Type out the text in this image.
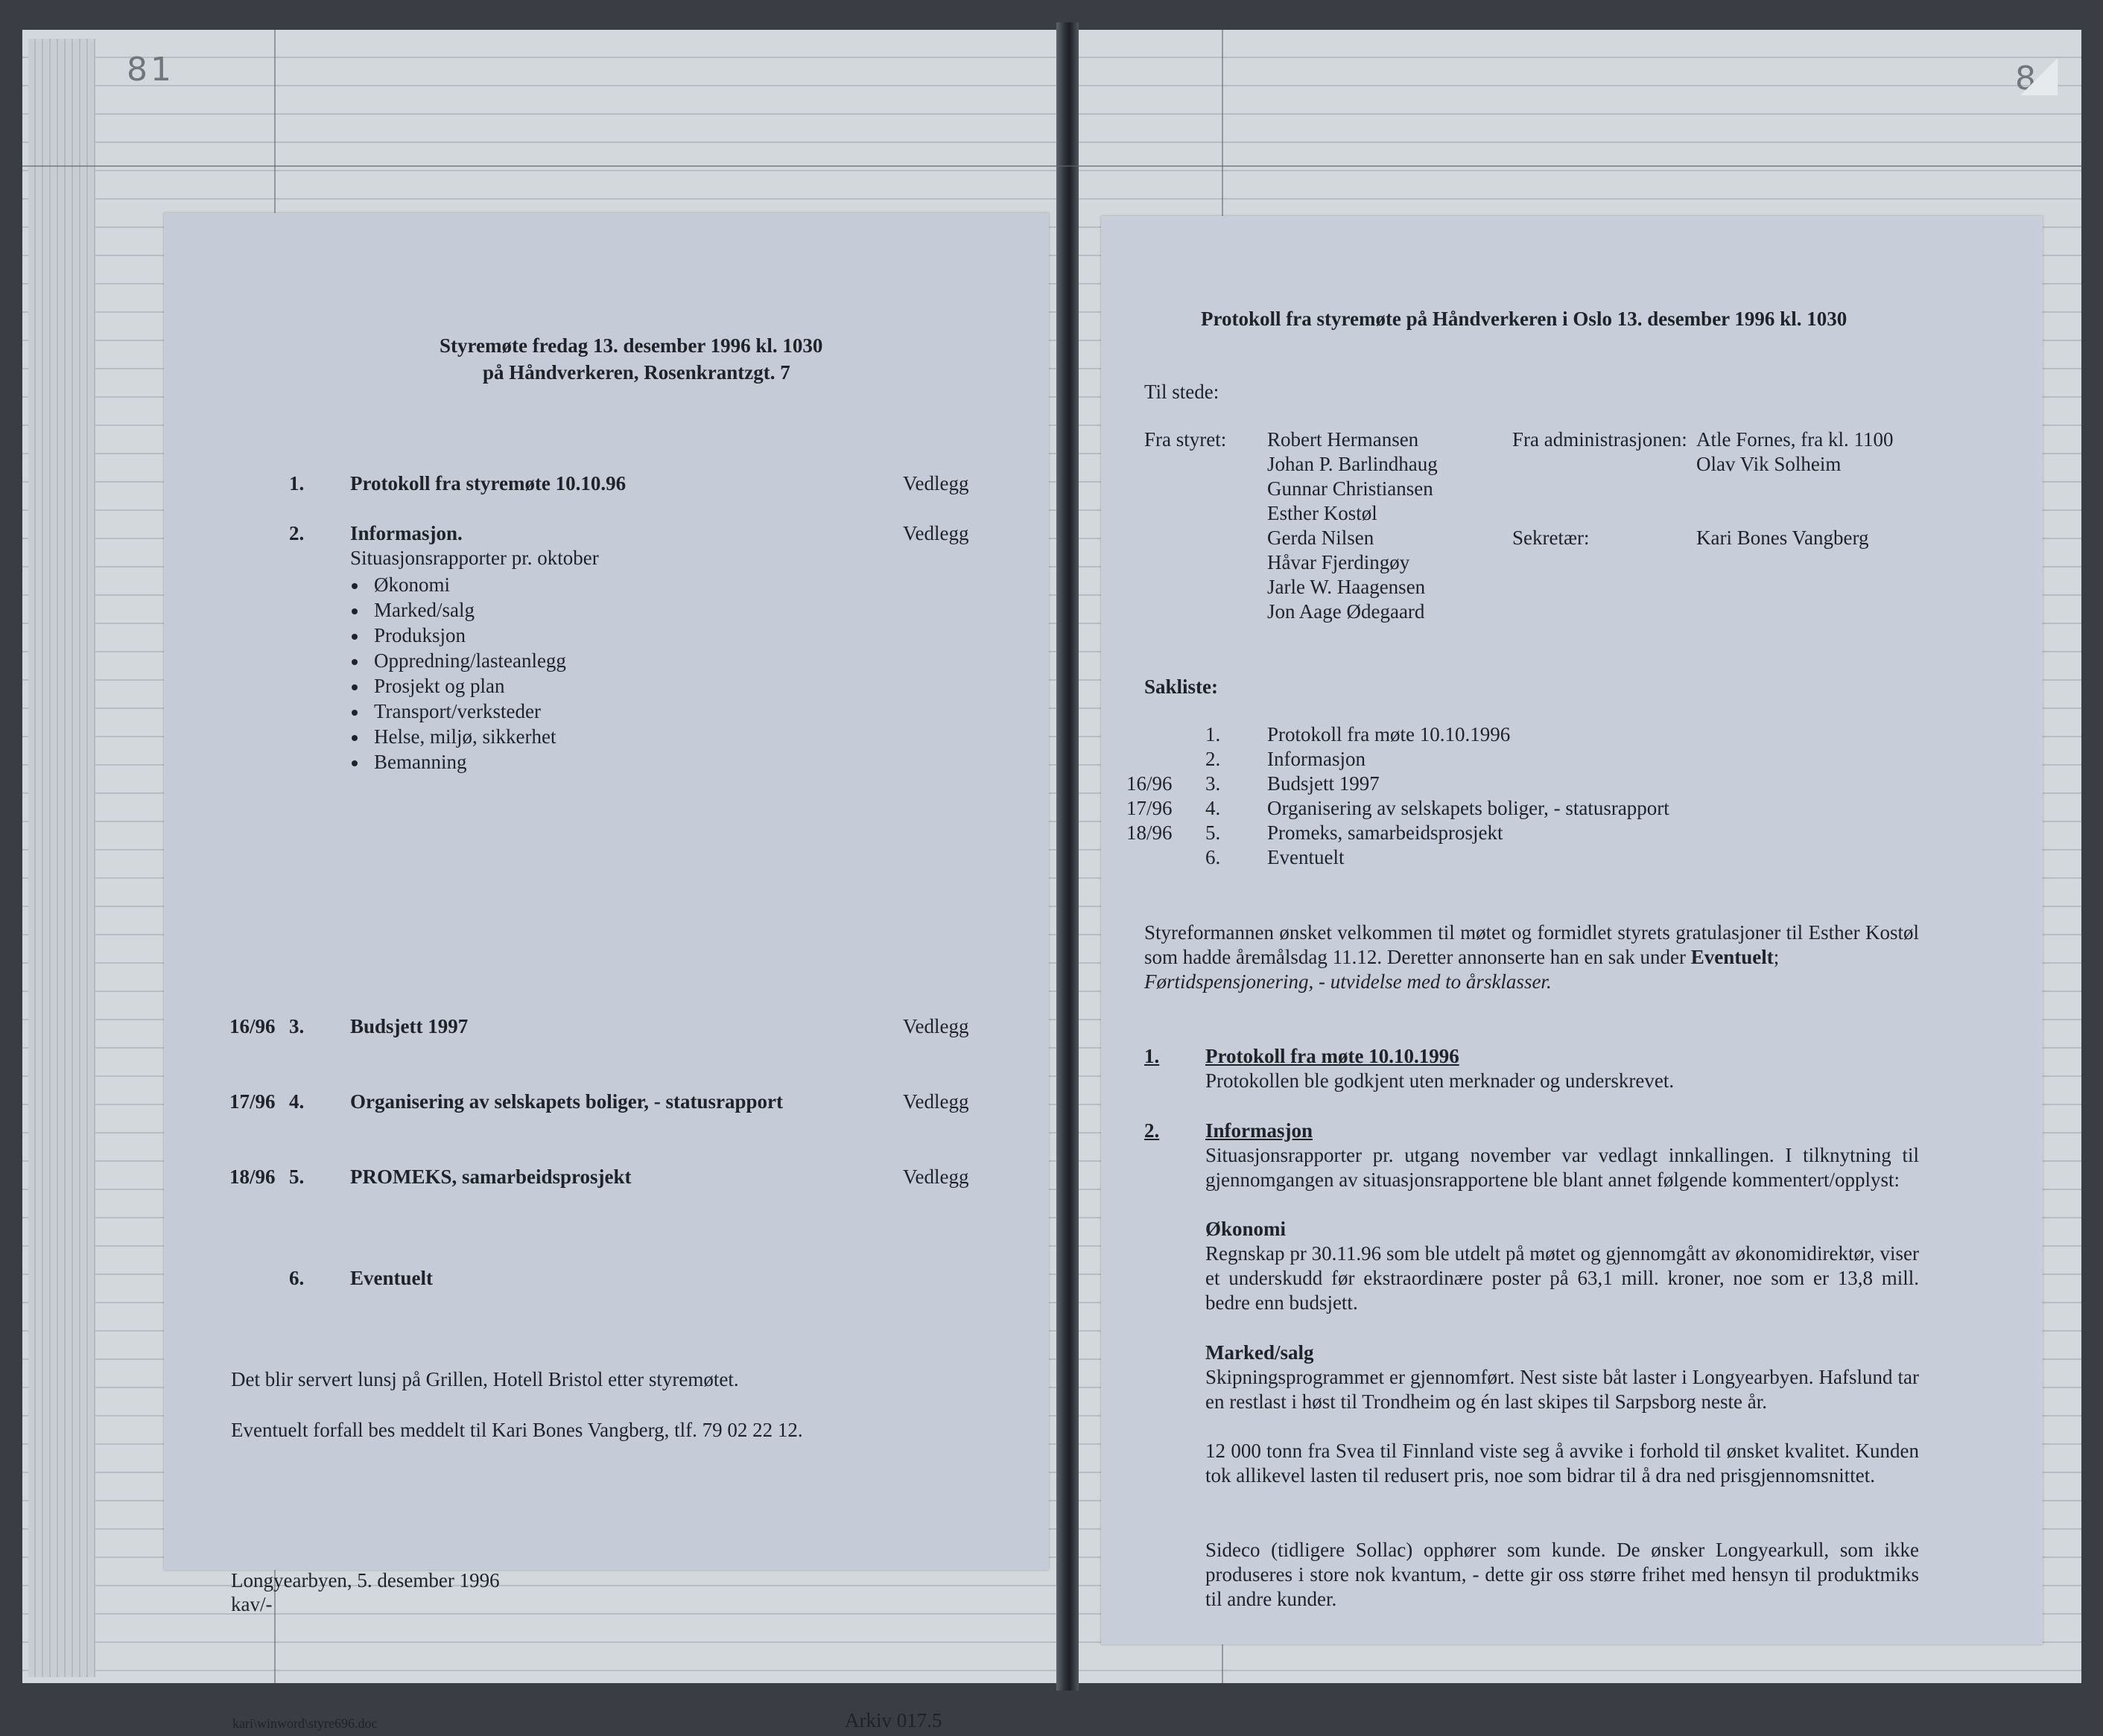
81	8
Styremøte fredag 13. desember 1996 kl. 1030
på Håndverkeren, Rosenkrantzgt. 7
1. Protokoll fra styremøte 10.10.96	Vedlegg
2. Informasjon.	Vedlegg
Situasjonsrapporter pr. oktober
Økonomi
Marked/salg
Produksjon
Oppredning/lasteanlegg
Prosjekt og plan
Transport/verksteder
Helse, miljø, sikkerhet
Bemanning
16/96 3. Budsjett 1997	Vedlegg
17/96 4. Organisering av selskapets boliger, - statusrapport	Vedlegg
18/96 5. PROMEKS, samarbeidsprosjekt	Vedlegg
6. Eventuelt
Det blir servert lunsj på Grillen, Hotell Bristol etter styremøtet.
Eventuelt forfall bes meddelt til Kari Bones Vangberg, tlf. 79 02 22 12.
Longyearbyen, 5. desember 1996
kav/-
kari\winword\styre696.doc	Arkiv 017.5
Protokoll fra styremøte på Håndverkeren i Oslo 13. desember 1996 kl. 1030
Til stede:
Fra styret: Robert Hermansen
Johan P. Barlindhaug
Gunnar Christiansen
Esther Kostøl
Gerda Nilsen
Håvar Fjerdingøy
Jarle W. Haagensen
Jon Aage Ødegaard
Fra administrasjonen: Atle Fornes, fra kl. 1100
Olav Vik Solheim
Sekretær:	Kari Bones Vangberg
Sakliste:
1. Protokoll fra møte 10.10.1996
2. Informasjon
16/96 3. Budsjett 1997
17/96 4. Organisering av selskapets boliger, - statusrapport
18/96 5. Promeks, samarbeidsprosjekt
6. Eventuelt
Styreformannen ønsket velkommen til møtet og formidlet styrets gratulasjoner til Esther Kostøl som hadde åremålsdag 11.12. Deretter annonserte han en sak under Eventuelt;
Førtidspensjonering, - utvidelse med to årsklasser.
1. Protokoll fra møte 10.10.1996
Protokollen ble godkjent uten merknader og underskrevet.
2. Informasjon
Situasjonsrapporter pr. utgang november var vedlagt innkallingen. I tilknytning til gjennomgangen av situasjonsrapportene ble blant annet følgende kommentert/opplyst:
Økonomi
Regnskap pr 30.11.96 som ble utdelt på møtet og gjennomgått av økonomidirektør, viser et underskudd før ekstraordinære poster på 63,1 mill. kroner, noe som er 13,8 mill. bedre enn budsjett.
Marked/salg
Skipningsprogrammet er gjennomført. Nest siste båt laster i Longyearbyen. Hafslund tar en restlast i høst til Trondheim og én last skipes til Sarpsborg neste år.
12 000 tonn fra Svea til Finnland viste seg å avvike i forhold til ønsket kvalitet. Kunden tok allikevel lasten til redusert pris, noe som bidrar til å dra ned prisgjennomsnittet.
Sideco (tidligere Sollac) opphører som kunde. De ønsker Longyearkull, som ikke produseres i store nok kvantum, - dette gir oss større frihet med hensyn til produktmiks til andre kunder.
